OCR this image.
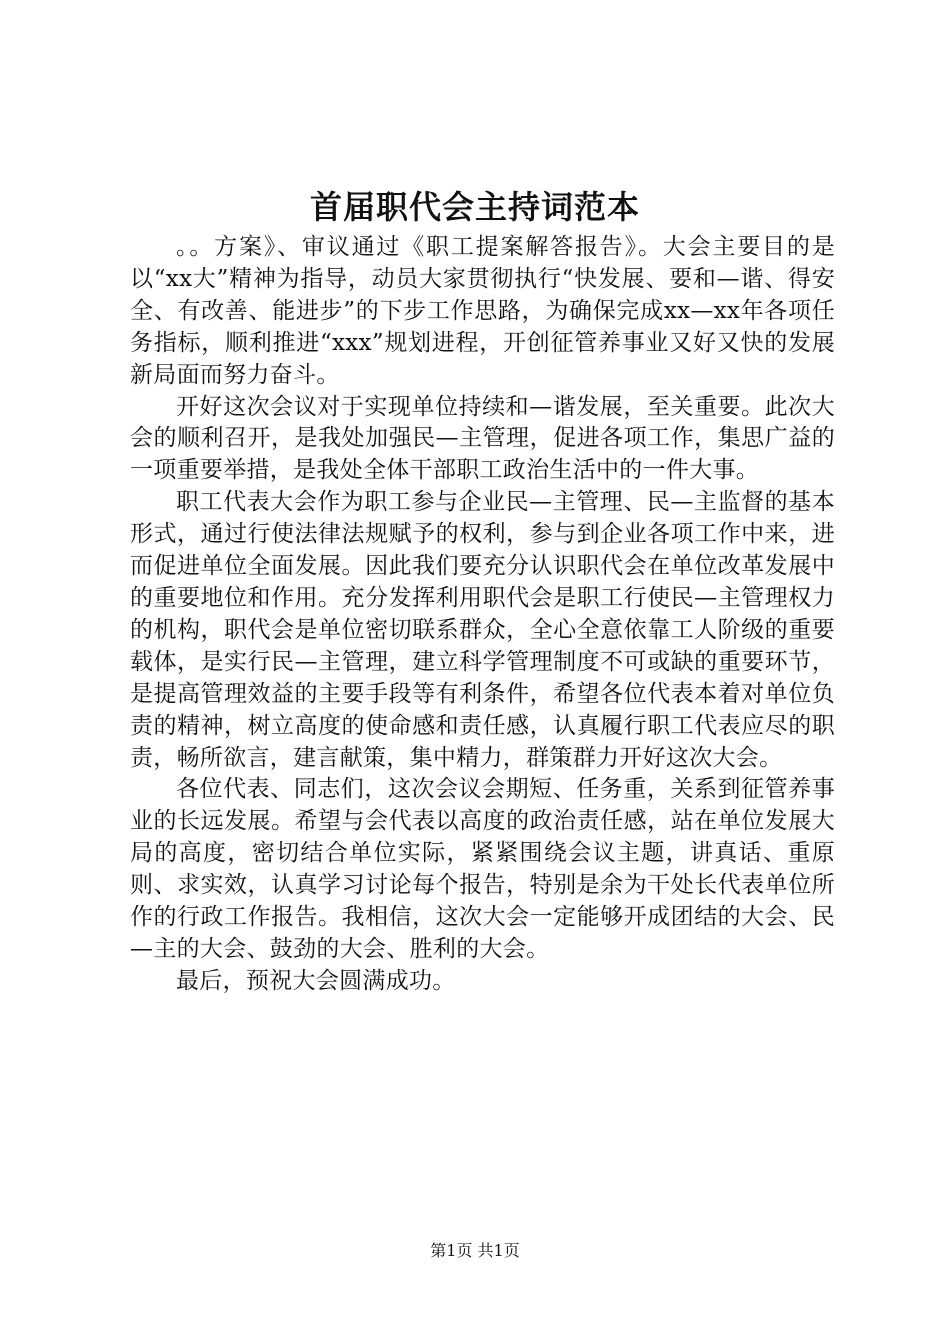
首届职代会主持词范本

。。方案》、审议通过《职工提案解答报告》。大会主要目的是以“xx大”精神为指导，动员大家贯彻执行“快发展、要和—谐、得安全、有改善、能进步”的下步工作思路，为确保完成xx—xx年各项任务指标，顺利推进“xxx”规划进程，开创征管养事业又好又快的发展新局面而努力奋斗。

开好这次会议对于实现单位持续和—谐发展，至关重要。此次大会的顺利召开，是我处加强民—主管理，促进各项工作，集思广益的一项重要举措，是我处全体干部职工政治生活中的一件大事。

职工代表大会作为职工参与企业民—主管理、民—主监督的基本形式，通过行使法律法规赋予的权利，参与到企业各项工作中来，进而促进单位全面发展。因此我们要充分认识职代会在单位改革发展中的重要地位和作用。充分发挥利用职代会是职工行使民—主管理权力的机构，职代会是单位密切联系群众，全心全意依靠工人阶级的重要载体，是实行民—主管理，建立科学管理制度不可或缺的重要环节，是提高管理效益的主要手段等有利条件，希望各位代表本着对单位负责的精神，树立高度的使命感和责任感，认真履行职工代表应尽的职责，畅所欲言，建言献策，集中精力，群策群力开好这次大会。

各位代表、同志们，这次会议会期短、任务重，关系到征管养事业的长远发展。希望与会代表以高度的政治责任感，站在单位发展大局的高度，密切结合单位实际，紧紧围绕会议主题，讲真话、重原则、求实效，认真学习讨论每个报告，特别是余为干处长代表单位所作的行政工作报告。我相信，这次大会一定能够开成团结的大会、民—主的大会、鼓劲的大会、胜利的大会。

最后，预祝大会圆满成功。

第1页 共1页
